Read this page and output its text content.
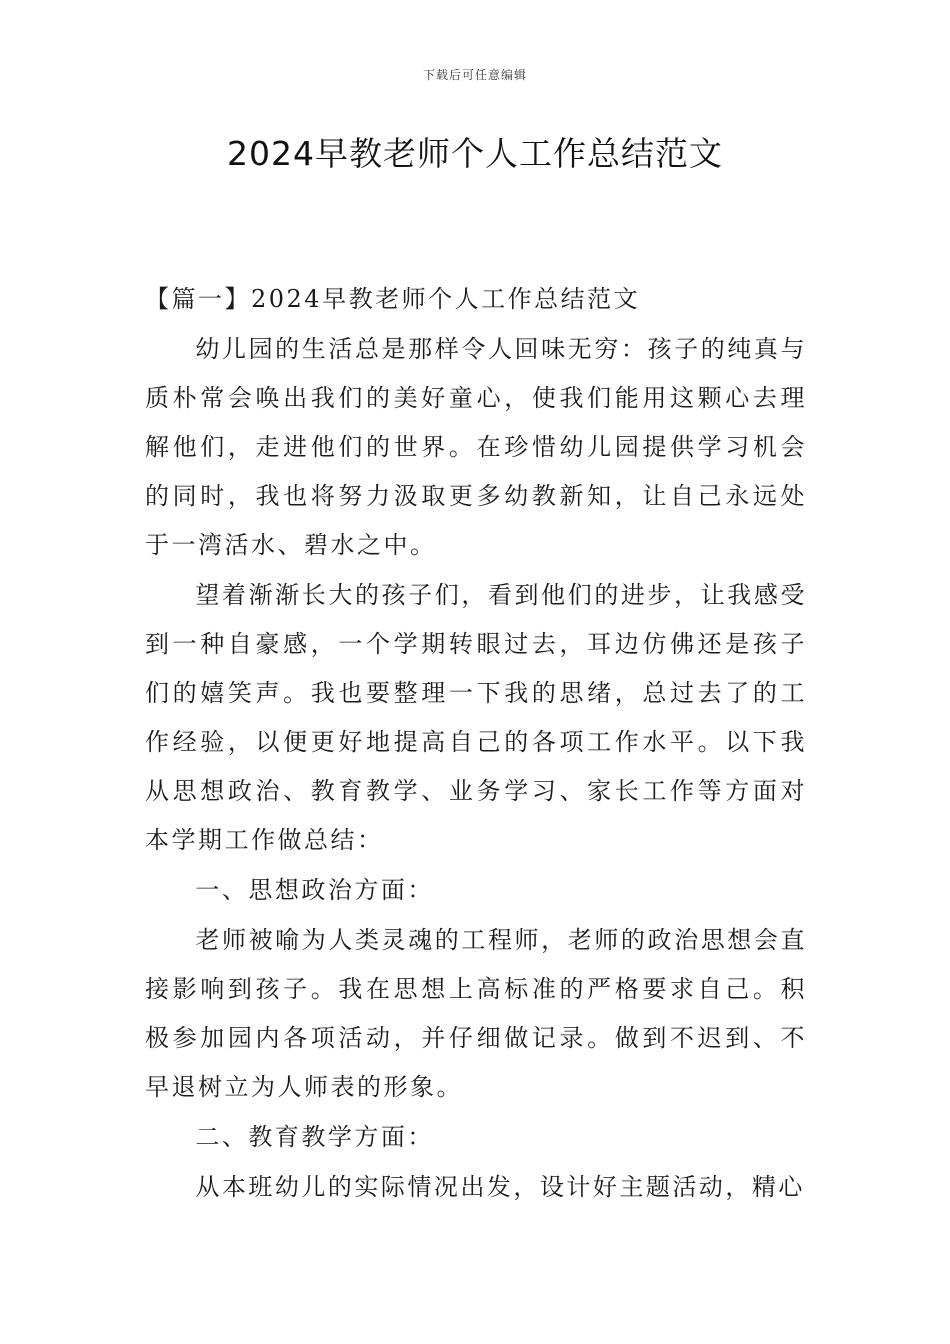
下载后可任意编辑
2024早教老师个人工作总结范文

【篇一】2024早教老师个人工作总结范文

幼儿园的生活总是那样令人回味无穷：孩子的纯真与质朴常会唤出我们的美好童心，使我们能用这颗心去理解他们，走进他们的世界。在珍惜幼儿园提供学习机会的同时，我也将努力汲取更多幼教新知，让自己永远处于一湾活水、碧水之中。

望着渐渐长大的孩子们，看到他们的进步，让我感受到一种自豪感，一个学期转眼过去，耳边仿佛还是孩子们的嬉笑声。我也要整理一下我的思绪，总过去了的工作经验，以便更好地提高自己的各项工作水平。以下我从思想政治、教育教学、业务学习、家长工作等方面对本学期工作做总结：

一、思想政治方面：

老师被喻为人类灵魂的工程师，老师的政治思想会直接影响到孩子。我在思想上高标准的严格要求自己。积极参加园内各项活动，并仔细做记录。做到不迟到、不早退树立为人师表的形象。

二、教育教学方面：

从本班幼儿的实际情况出发，设计好主题活动，精心
